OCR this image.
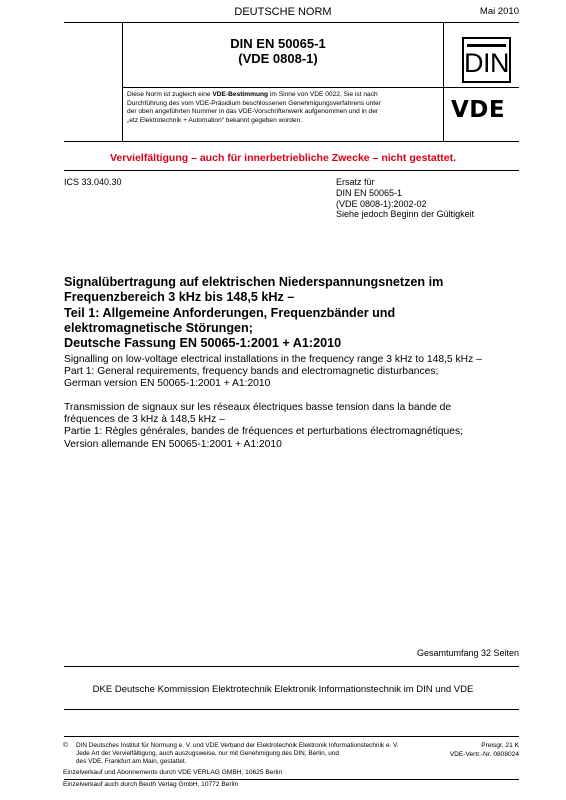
DEUTSCHE NORM	Mai 2010
DIN EN 50065-1
(VDE 0808-1)	DIN
Diese Norm ist zugleich eine VDE-Bestimmung im Sinne von VDE 0022. Sie ist nach
Durchführung des vom VDE-Präsidium beschlossenen Genehmigungsverfahrens unter
der oben angeführten Nummer in das VDE-Vorschriftenwerk aufgenommen und in der
„etz Elektrotechnik + Automation“ bekannt gegeben worden.	VDE
Vervielfältigung – auch für innerbetriebliche Zwecke – nicht gestattet.
ICS 33.040.30	Ersatz für
DIN EN 50065-1
(VDE 0808-1):2002-02
Siehe jedoch Beginn der Gültigkeit
Signalübertragung auf elektrischen Niederspannungsnetzen im
Frequenzbereich 3 kHz bis 148,5 kHz –
Teil 1: Allgemeine Anforderungen, Frequenzbänder und
elektromagnetische Störungen;
Deutsche Fassung EN 50065-1:2001 + A1:2010
Signalling on low-voltage electrical installations in the frequency range 3 kHz to 148,5 kHz –
Part 1: General requirements, frequency bands and electromagnetic disturbances;
German version EN 50065-1:2001 + A1:2010
Transmission de signaux sur les réseaux électriques basse tension dans la bande de
fréquences de 3 kHz à 148,5 kHz –
Partie 1: Règles générales, bandes de fréquences et perturbations électromagnétiques;
Version allemande EN 50065-1:2001 + A1:2010
Gesamtumfang 32 Seiten
DKE Deutsche Kommission Elektrotechnik Elektronik Informationstechnik im DIN und VDE
© DIN Deutsches Institut für Normung e. V. und VDE Verband der Elektrotechnik Elektronik Informationstechnik e. V.
Jede Art der Vervielfältigung, auch auszugsweise, nur mit Genehmigung des DIN, Berlin, und
des VDE, Frankfurt am Main, gestattet.
Preisgr. 21 K
VDE-Vertr.-Nr. 0808024
Einzelverkauf und Abonnements durch VDE VERLAG GMBH, 10625 Berlin
Einzelverkauf auch durch Beuth Verlag GmbH, 10772 Berlin
